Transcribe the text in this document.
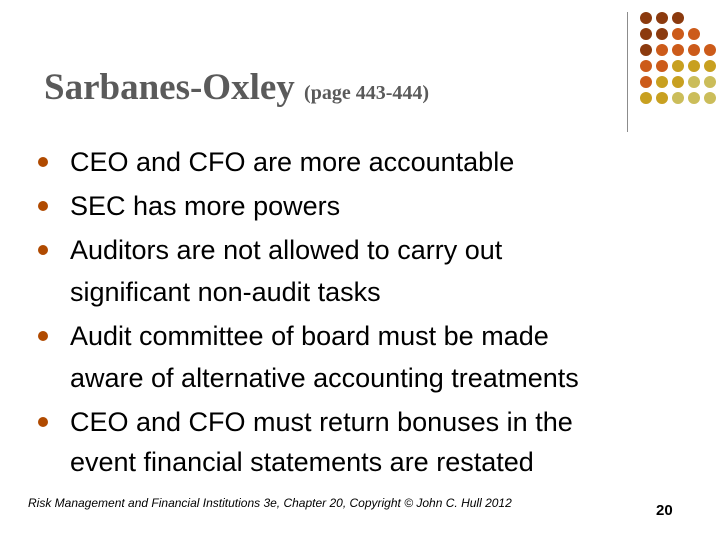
Sarbanes-Oxley (page 443-444)
CEO and CFO are more accountable
SEC has more powers
Auditors are not allowed to carry out
significant non-audit tasks
Audit committee of board must be made
aware of alternative accounting treatments
CEO and CFO must return bonuses in the
event financial statements are restated
Risk Management and Financial Institutions 3e, Chapter 20, Copyright © John C. Hull 2012	20
